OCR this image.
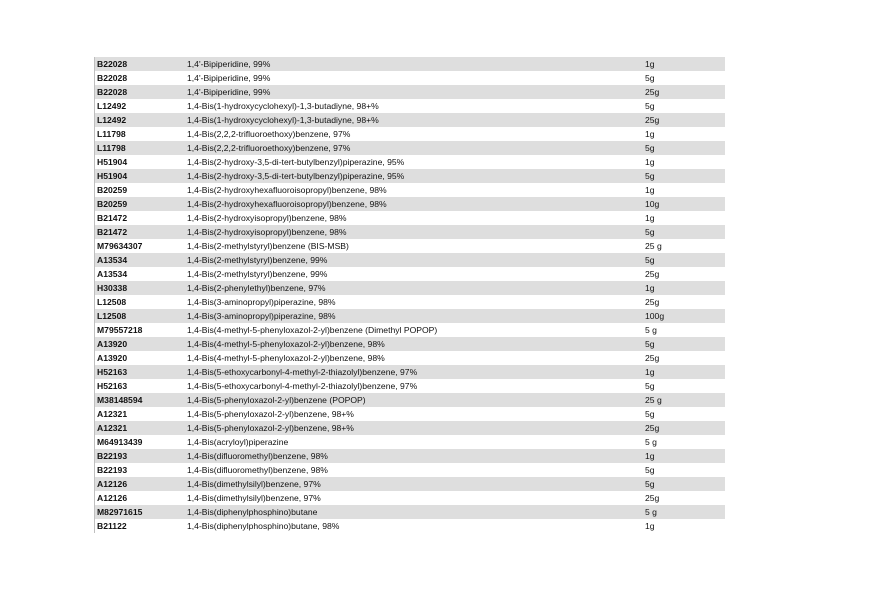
B22028	1,4'-Bipiperidine, 99%	1g
B22028	1,4'-Bipiperidine, 99%	5g
B22028	1,4'-Bipiperidine, 99%	25g
L12492	1,4-Bis(1-hydroxycyclohexyl)-1,3-butadiyne, 98+%	5g
L12492	1,4-Bis(1-hydroxycyclohexyl)-1,3-butadiyne, 98+%	25g
L11798	1,4-Bis(2,2,2-trifluoroethoxy)benzene, 97%	1g
L11798	1,4-Bis(2,2,2-trifluoroethoxy)benzene, 97%	5g
H51904	1,4-Bis(2-hydroxy-3,5-di-tert-butylbenzyl)piperazine, 95%	1g
H51904	1,4-Bis(2-hydroxy-3,5-di-tert-butylbenzyl)piperazine, 95%	5g
B20259	1,4-Bis(2-hydroxyhexafluoroisopropyl)benzene, 98%	1g
B20259	1,4-Bis(2-hydroxyhexafluoroisopropyl)benzene, 98%	10g
B21472	1,4-Bis(2-hydroxyisopropyl)benzene, 98%	1g
B21472	1,4-Bis(2-hydroxyisopropyl)benzene, 98%	5g
M79634307	1,4-Bis(2-methylstyryl)benzene (BIS-MSB)	25 g
A13534	1,4-Bis(2-methylstyryl)benzene, 99%	5g
A13534	1,4-Bis(2-methylstyryl)benzene, 99%	25g
H30338	1,4-Bis(2-phenylethyl)benzene, 97%	1g
L12508	1,4-Bis(3-aminopropyl)piperazine, 98%	25g
L12508	1,4-Bis(3-aminopropyl)piperazine, 98%	100g
M79557218	1,4-Bis(4-methyl-5-phenyloxazol-2-yl)benzene (Dimethyl POPOP)	5 g
A13920	1,4-Bis(4-methyl-5-phenyloxazol-2-yl)benzene, 98%	5g
A13920	1,4-Bis(4-methyl-5-phenyloxazol-2-yl)benzene, 98%	25g
H52163	1,4-Bis(5-ethoxycarbonyl-4-methyl-2-thiazolyl)benzene, 97%	1g
H52163	1,4-Bis(5-ethoxycarbonyl-4-methyl-2-thiazolyl)benzene, 97%	5g
M38148594	1,4-Bis(5-phenyloxazol-2-yl)benzene (POPOP)	25 g
A12321	1,4-Bis(5-phenyloxazol-2-yl)benzene, 98+%	5g
A12321	1,4-Bis(5-phenyloxazol-2-yl)benzene, 98+%	25g
M64913439	1,4-Bis(acryloyl)piperazine	5 g
B22193	1,4-Bis(difluoromethyl)benzene, 98%	1g
B22193	1,4-Bis(difluoromethyl)benzene, 98%	5g
A12126	1,4-Bis(dimethylsilyl)benzene, 97%	5g
A12126	1,4-Bis(dimethylsilyl)benzene, 97%	25g
M82971615	1,4-Bis(diphenylphosphino)butane	5 g
B21122	1,4-Bis(diphenylphosphino)butane, 98%	1g
